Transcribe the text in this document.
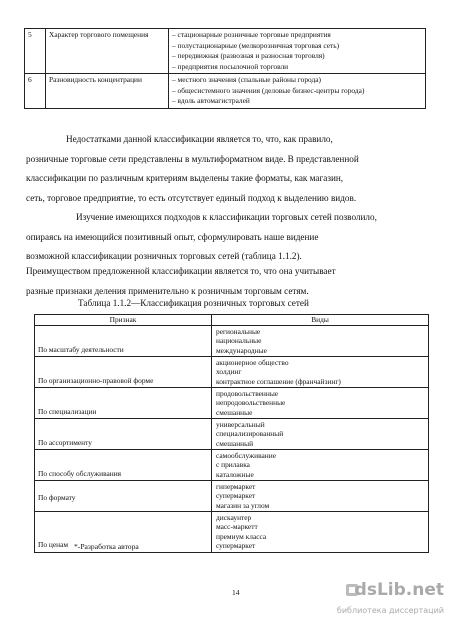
5	Характер торгового помещения	– стационарные розничные торговые предприятия
– полустационарные (мелкорозничная торговая сеть)
– передвижная (развозная и разносная торговля)
– предприятия посылочной торговли

6	Разновидность концентрации	– местного значения (спальные районы города)
– общесистемного значения (деловые бизнес-центры города)
– вдоль автомагистралей
Недостатками данной классификации является то, что, как правило,
розничные торговые сети представлены в мультиформатном виде. В представленной
классификации по различным критериям выделены такие форматы, как магазин,
сеть, торговое предприятие, то есть отсутствует единый подход к выделению видов.
Изучение имеющихся подходов к классификации торговых сетей позволило,
опираясь на имеющийся позитивный опыт, сформулировать наше видение
возможной классификации розничных торговых сетей (таблица 1.1.2).
Преимуществом предложенной классификации является то, что она учитывает
разные признаки деления применительно к розничным торговым сетям.
Таблица 1.1.2—Классификация розничных торговых сетей
Признак	Виды

По масштабу деятельности	региональные
национальные
международные

По организационно-правовой форме	акционерное общество
холдинг
контрактное соглашение (франчайзинг)

По специализации	продовольственные
непродовольственные
смешанные

По ассортименту	универсальный
специализированный
смешанный

По способу обслуживания	самообслуживание
с прилавка
каталожные

По формату	гипермаркет
супермаркет
магазин за углом

По ценам	дискаунтер
масс-маркетт
премиум класса
супермаркет
*-Разработка автора
14	dsLib.net
библиотека диссертаций
